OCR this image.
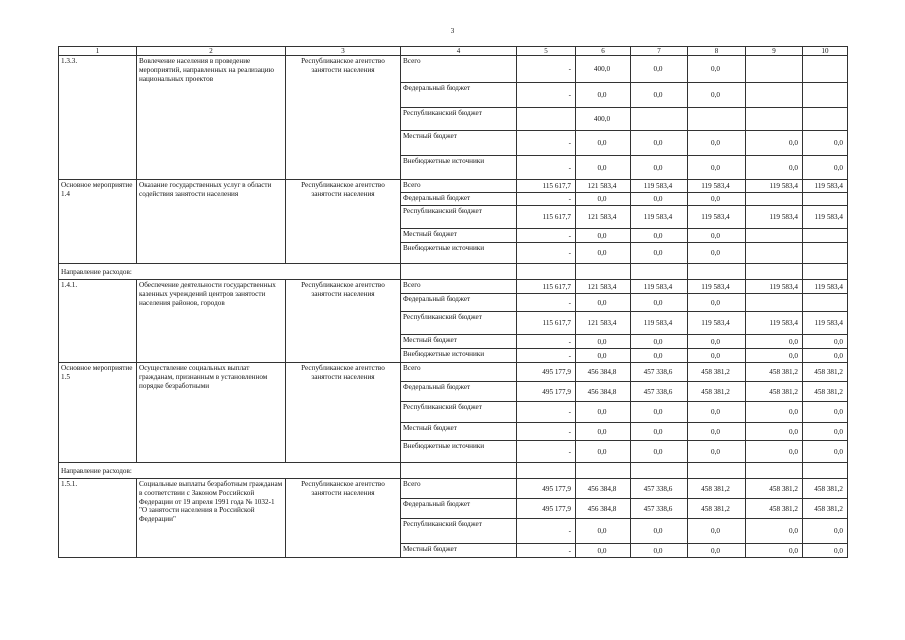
3
1	2	3	4	5	6	7	8	9	10
1.3.3.	Вовлечение населения в проведение мероприятий, направленных на реализацию национальных проектов	Республиканское агентство занятости населения	Всего	-	400,0	0,0	0,0		
			Федеральный бюджет	-	0,0	0,0	0,0		
			Республиканский бюджет		400,0				
			Местный бюджет	-	0,0	0,0	0,0	0,0	0,0
			Внебюджетные источники	-	0,0	0,0	0,0	0,0	0,0
Основное мероприятие 1.4	Оказание государственных услуг в области содействия занятости населения	Республиканское агентство занятости населения	Всего	115 617,7	121 583,4	119 583,4	119 583,4	119 583,4	119 583,4
			Федеральный бюджет	-	0,0	0,0	0,0		
			Республиканский бюджет	115 617,7	121 583,4	119 583,4	119 583,4	119 583,4	119 583,4
			Местный бюджет	-	0,0	0,0	0,0		
			Внебюджетные источники	-	0,0	0,0	0,0		
Направление расходов:									
1.4.1.	Обеспечение деятельности государственных казенных учреждений центров занятости населения районов, городов	Республиканское агентство занятости населения	Всего	115 617,7	121 583,4	119 583,4	119 583,4	119 583,4	119 583,4
			Федеральный бюджет	-	0,0	0,0	0,0		
			Республиканский бюджет	115 617,7	121 583,4	119 583,4	119 583,4	119 583,4	119 583,4
			Местный бюджет	-	0,0	0,0	0,0	0,0	0,0
			Внебюджетные источники	-	0,0	0,0	0,0	0,0	0,0
Основное мероприятие 1.5	Осуществление социальных выплат гражданам, признанным в установленном порядке безработными	Республиканское агентство занятости населения	Всего	495 177,9	456 384,8	457 338,6	458 381,2	458 381,2	458 381,2
			Федеральный бюджет	495 177,9	456 384,8	457 338,6	458 381,2	458 381,2	458 381,2
			Республиканский бюджет	-	0,0	0,0	0,0	0,0	0,0
			Местный бюджет	-	0,0	0,0	0,0	0,0	0,0
			Внебюджетные источники	-	0,0	0,0	0,0	0,0	0,0
Направление расходов:									
1.5.1.	Социальные выплаты безработным гражданам в соответствии с Законом Российской Федерации от 19 апреля 1991 года № 1032-1 "О занятости населения в Российской Федерации"	Республиканское агентство занятости населения	Всего	495 177,9	456 384,8	457 338,6	458 381,2	458 381,2	458 381,2
			Федеральный бюджет	495 177,9	456 384,8	457 338,6	458 381,2	458 381,2	458 381,2
			Республиканский бюджет	-	0,0	0,0	0,0	0,0	0,0
			Местный бюджет	-	0,0	0,0	0,0	0,0	0,0
